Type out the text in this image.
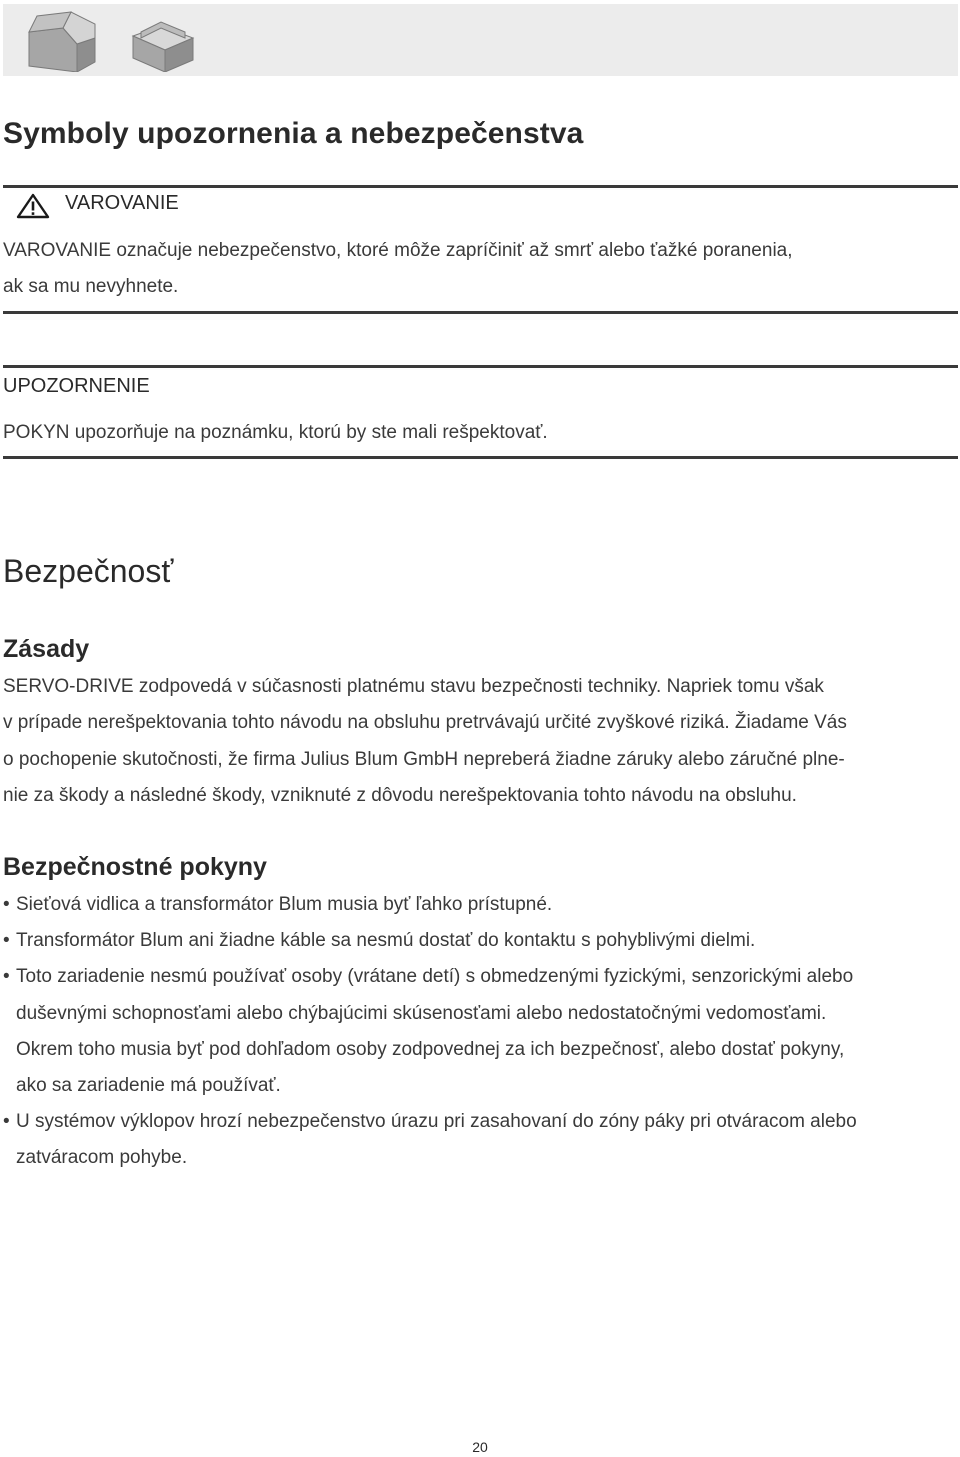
Symboly upozornenia a nebezpečenstva

VAROVANIE

VAROVANIE označuje nebezpečenstvo, ktoré môže zapríčiniť až smrť alebo ťažké poranenia,

ak sa mu nevyhnete.

UPOZORNENIE

POKYN upozorňuje na poznámku, ktorú by ste mali rešpektovať.

Bezpečnosť
Zásady

SERVO-DRIVE zodpovedá v súčasnosti platnému stavu bezpečnosti techniky. Napriek tomu však
v prípade nerešpektovania tohto návodu na obsluhu pretrvávajú určité zvyškové riziká. Žiadame Vás
o pochopenie skutočnosti, že firma Julius Blum GmbH nepreberá žiadne záruky alebo záručné plne-
nie za škody a následné škody, vzniknuté z dôvodu nerešpektovania tohto návodu na obsluhu.

Bezpečnostné pokyny
• Sieťová vidlica a transformátor Blum musia byť ľahko prístupné.
• Transformátor Blum ani žiadne káble sa nesmú dostať do kontaktu s pohyblivými dielmi.
• Toto zariadenie nesmú používať osoby (vrátane detí) s obmedzenými fyzickými, senzorickými alebo
duševnými schopnosťami alebo chýbajúcimi skúsenosťami alebo nedostatočnými vedomosťami.
Okrem toho musia byť pod dohľadom osoby zodpovednej za ich bezpečnosť, alebo dostať pokyny,
ako sa zariadenie má používať.
• U systémov výklopov hrozí nebezpečenstvo úrazu pri zasahovaní do zóny páky pri otváracom alebo
zatváracom pohybe.
20
